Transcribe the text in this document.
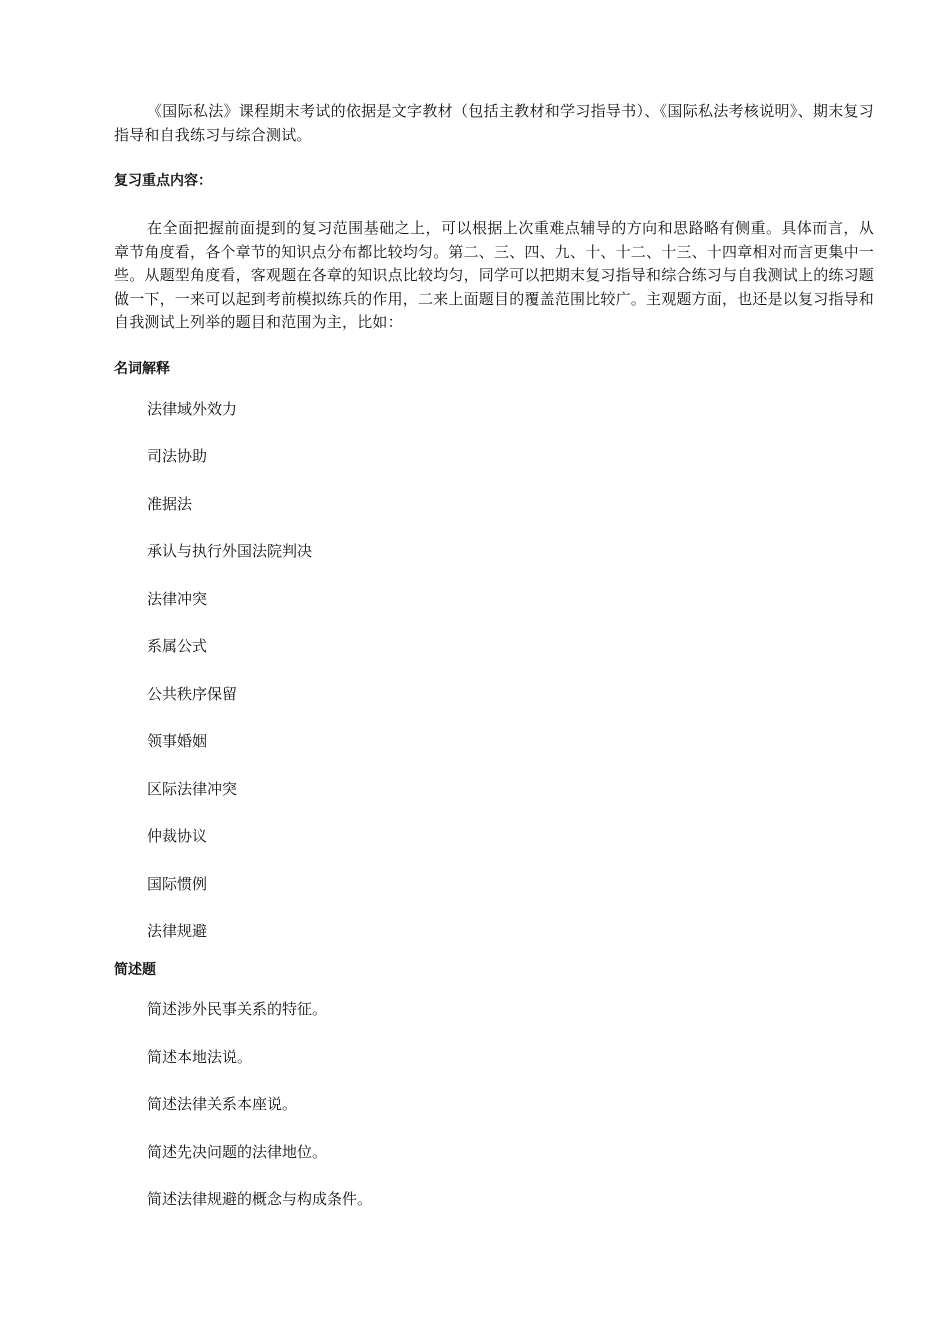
《国际私法》课程期末考试的依据是文字教材（包括主教材和学习指导书）、《国际私法考核说明》、期末复习指导和自我练习与综合测试。

复习重点内容：

在全面把握前面提到的复习范围基础之上，可以根据上次重难点辅导的方向和思路略有侧重。具体而言，从章节角度看，各个章节的知识点分布都比较均匀。第二、三、四、九、十、十二、十三、十四章相对而言更集中一些。从题型角度看，客观题在各章的知识点比较均匀，同学可以把期末复习指导和综合练习与自我测试上的练习题做一下，一来可以起到考前模拟练兵的作用，二来上面题目的覆盖范围比较广。主观题方面，也还是以复习指导和自我测试上列举的题目和范围为主，比如：

名词解释
法律域外效力
司法协助
准据法
承认与执行外国法院判决
法律冲突
系属公式
公共秩序保留
领事婚姻
区际法律冲突
仲裁协议
国际惯例
法律规避
简述题
简述涉外民事关系的特征。
简述本地法说。
简述法律关系本座说。
简述先决问题的法律地位。
简述法律规避的概念与构成条件。
